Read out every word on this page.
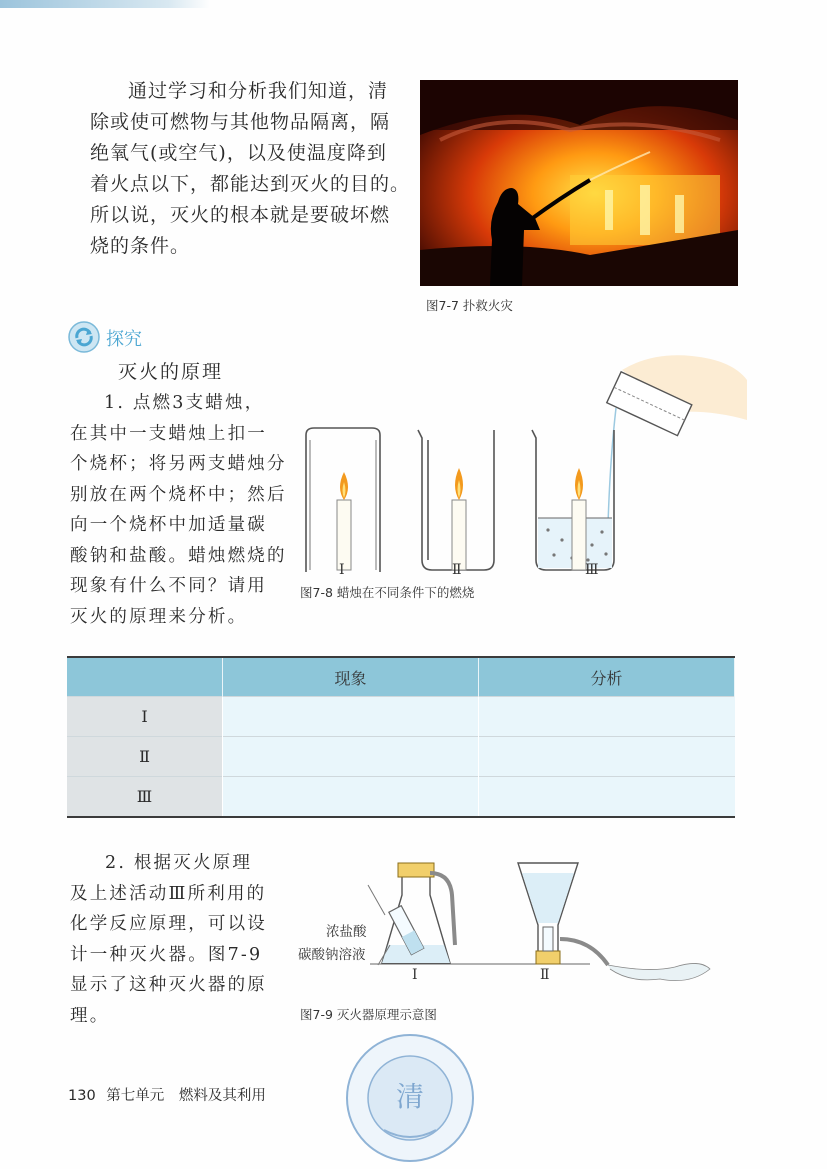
通过学习和分析我们知道，清
除或使可燃物与其他物品隔离，隔
绝氧气(或空气)，以及使温度降到
着火点以下，都能达到灭火的目的。
所以说，灭火的根本就是要破坏燃
烧的条件。
图7-7 扑救火灾
探究
灭火的原理
1. 点燃3支蜡烛，
在其中一支蜡烛上扣一
个烧杯；将另两支蜡烛分
别放在两个烧杯中；然后
向一个烧杯中加适量碳
酸钠和盐酸。蜡烛燃烧的
现象有什么不同？请用
灭火的原理来分析。
Ⅰ	Ⅱ	Ⅲ
图7-8 蜡烛在不同条件下的燃烧
	现象	分析
Ⅰ		
Ⅱ		
Ⅲ		
2. 根据灭火原理
及上述活动Ⅲ所利用的
化学反应原理，可以设
计一种灭火器。图7-9
显示了这种灭火器的原
理。
浓盐酸
碳酸钠溶液
Ⅰ	Ⅱ
图7-9 灭火器原理示意图
130 第七单元 燃料及其利用	清
